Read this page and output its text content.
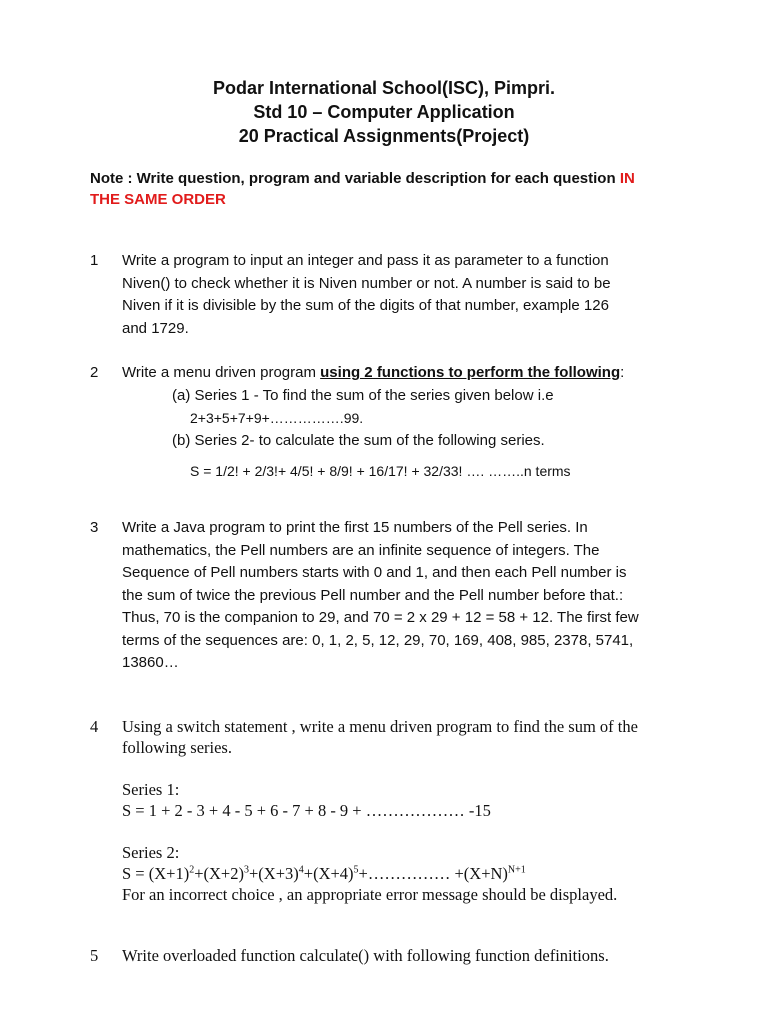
Podar International School(ISC), Pimpri.
Std 10 – Computer Application
20 Practical Assignments(Project)
Note : Write question, program and variable description for each question IN
THE SAME ORDER
1 Write a program to input an integer and pass it as parameter to a function

Niven() to check whether it is Niven number or not. A number is said to be

Niven if it is divisible by the sum of the digits of that number, example 126

and 1729.

2 Write a menu driven program using 2 functions to perform the following:

(a) Series 1 - To find the sum of the series given below i.e

2+3+5+7+9+…………….99.

(b) Series 2- to calculate the sum of the following series.

S = 1/2! + 2/3!+ 4/5! + 8/9! + 16/17! + 32/33! …. ……..n terms

3 Write a Java program to print the first 15 numbers of the Pell series. In

mathematics, the Pell numbers are an infinite sequence of integers. The

Sequence of Pell numbers starts with 0 and 1, and then each Pell number is

the sum of twice the previous Pell number and the Pell number before that.:

Thus, 70 is the companion to 29, and 70 = 2 x 29 + 12 = 58 + 12. The first few

terms of the sequences are: 0, 1, 2, 5, 12, 29, 70, 169, 408, 985, 2378, 5741,

13860…

4 Using a switch statement , write a menu driven program to find the sum of the

following series.

Series 1:

S = 1 + 2 - 3 + 4 - 5 + 6 - 7 + 8 - 9 + ……………… -15

Series 2:

$S = (X+1)^2+(X+2)^3+(X+3)^4+(X+4)^5+\dots\dots\dots\dots\dots +(X+N)^{N+1}$

For an incorrect choice , an appropriate error message should be displayed.

5 Write overloaded function calculate() with following function definitions.
